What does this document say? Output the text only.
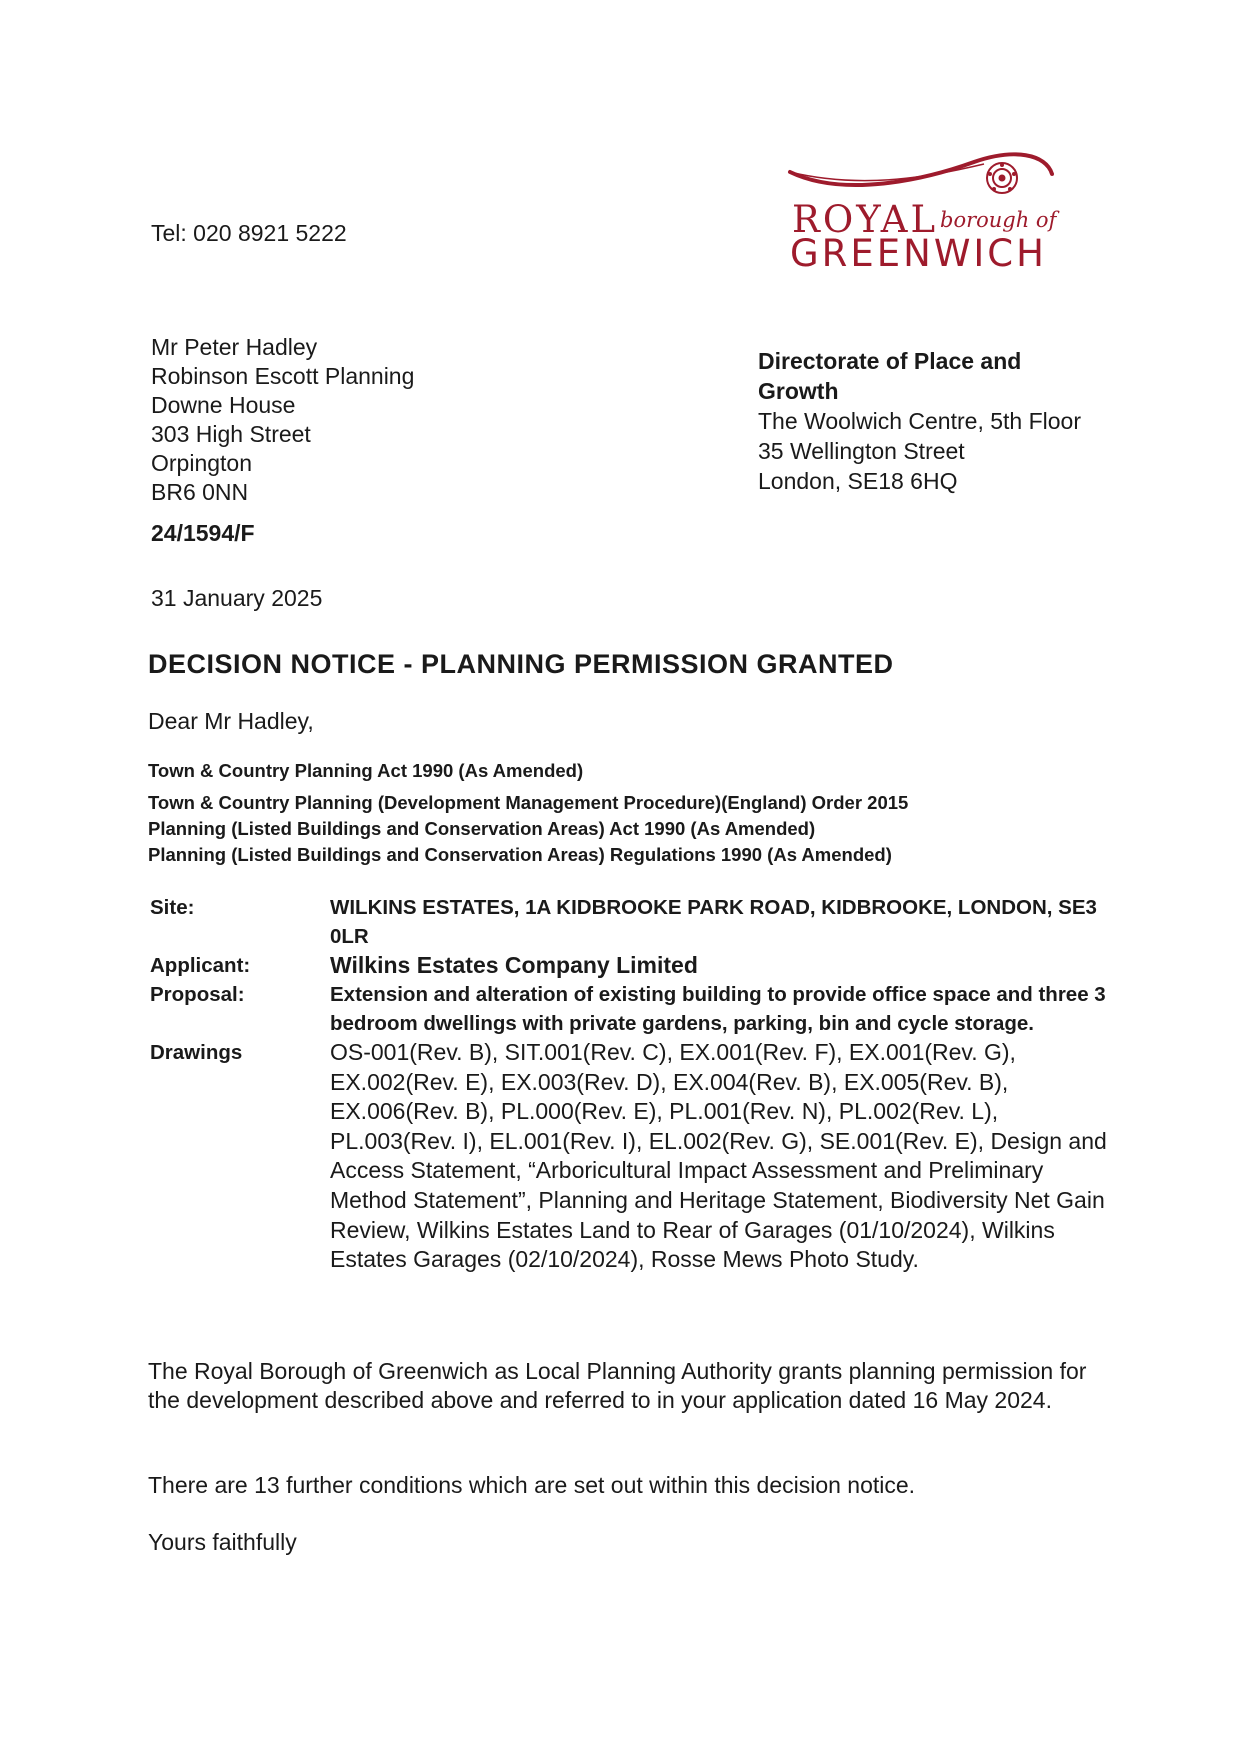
ROYAL borough of
GREENWICH
Tel: 020 8921 5222
Mr Peter Hadley
Robinson Escott Planning
Downe House
303 High Street
Orpington
BR6 0NN
24/1594/F
31 January 2025
Directorate of Place and
Growth
The Woolwich Centre, 5th Floor
35 Wellington Street
London, SE18 6HQ
DECISION NOTICE - PLANNING PERMISSION GRANTED
Dear Mr Hadley,
Town & Country Planning Act 1990 (As Amended)
Town & Country Planning (Development Management Procedure)(England) Order 2015
Planning (Listed Buildings and Conservation Areas) Act 1990 (As Amended)
Planning (Listed Buildings and Conservation Areas) Regulations 1990 (As Amended)
Site:	WILKINS ESTATES, 1A KIDBROOKE PARK ROAD, KIDBROOKE, LONDON, SE3 0LR
Applicant:	Wilkins Estates Company Limited
Proposal:	Extension and alteration of existing building to provide office space and three 3 bedroom dwellings with private gardens, parking, bin and cycle storage.
Drawings	OS-001(Rev. B), SIT.001(Rev. C), EX.001(Rev. F), EX.001(Rev. G), EX.002(Rev. E), EX.003(Rev. D), EX.004(Rev. B), EX.005(Rev. B), EX.006(Rev. B), PL.000(Rev. E), PL.001(Rev. N), PL.002(Rev. L), PL.003(Rev. I), EL.001(Rev. I), EL.002(Rev. G), SE.001(Rev. E), Design and Access Statement, “Arboricultural Impact Assessment and Preliminary Method Statement”, Planning and Heritage Statement, Biodiversity Net Gain Review, Wilkins Estates Land to Rear of Garages (01/10/2024), Wilkins Estates Garages (02/10/2024), Rosse Mews Photo Study.
The Royal Borough of Greenwich as Local Planning Authority grants planning permission for the development described above and referred to in your application dated 16 May 2024.
There are 13 further conditions which are set out within this decision notice.
Yours faithfully
